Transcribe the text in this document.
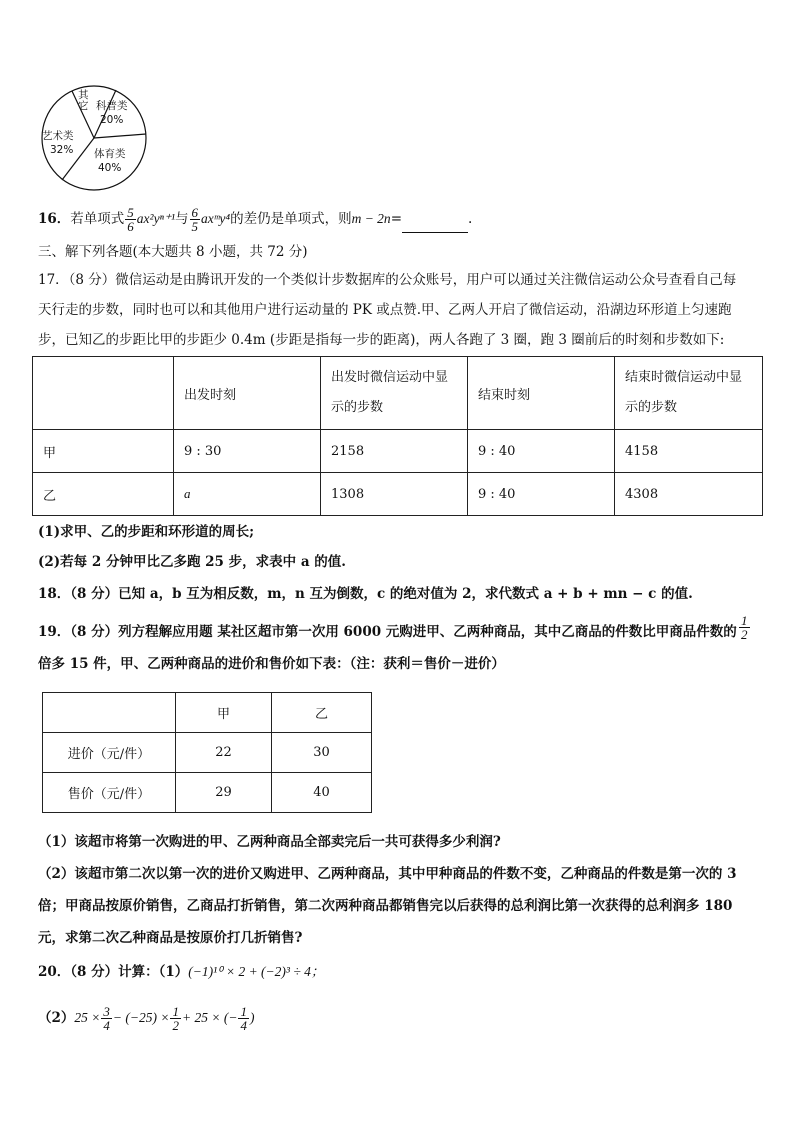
其它 科普类
20%
体育类
40%
艺术类
32%
16．若单项式 $\frac{5}{6} ax^2y^{n+1}$与 $\frac{6}{5}$ axᵐy⁴的差仍是单项式，则m − 2n=	.
三、解下列各题(本大题共 8 小题，共 72 分)
17．（8 分）微信运动是由腾讯开发的一个类似计步数据库的公众账号，用户可以通过关注微信运动公众号查看自己每
天行走的步数，同时也可以和其他用户进行运动量的 PK 或点赞.甲、乙两人开启了微信运动，沿湖边环形道上匀速跑
步，已知乙的步距比甲的步距少 0.4m (步距是指每一步的距离)，两人各跑了 3 圈，跑 3 圈前后的时刻和步数如下:
	出发时刻	出发时微信运动中显示的步数	结束时刻	结束时微信运动中显示的步数
甲	9 : 30	2158	9 : 40	4158
乙	a	1308	9 : 40	4308
(1)求甲、乙的步距和环形道的周长;
(2)若每 2 分钟甲比乙多跑 25 步，求表中 a 的值.
18．（8 分）已知 a，b 互为相反数，m，n 互为倒数，c 的绝对值为 2，求代数式 a + b + mn − c 的值.
19．（8 分）列方程解应用题 某社区超市第一次用 6000 元购进甲、乙两种商品，其中乙商品的件数比甲商品件数的 $\frac{1}{2}$
倍多 15 件，甲、乙两种商品的进价和售价如下表：（注：获利＝售价－进价）
	甲	乙
进价（元/件）	22	30
售价（元/件）	29	40
（1）该超市将第一次购进的甲、乙两种商品全部卖完后一共可获得多少利润?
（2）该超市第二次以第一次的进价又购进甲、乙两种商品，其中甲种商品的件数不变，乙种商品的件数是第一次的 3
倍；甲商品按原价销售，乙商品打折销售，第二次两种商品都销售完以后获得的总利润比第一次获得的总利润多 180
元，求第二次乙种商品是按原价打几折销售?
20．（8 分）计算：（1）(−1)¹⁰ × 2 + (−2)³ ÷ 4；
$(2)25 \times \frac{3}{4} - (-25) \times \frac{1}{2} + 25$ × (− $\frac{1}{4}$ )
